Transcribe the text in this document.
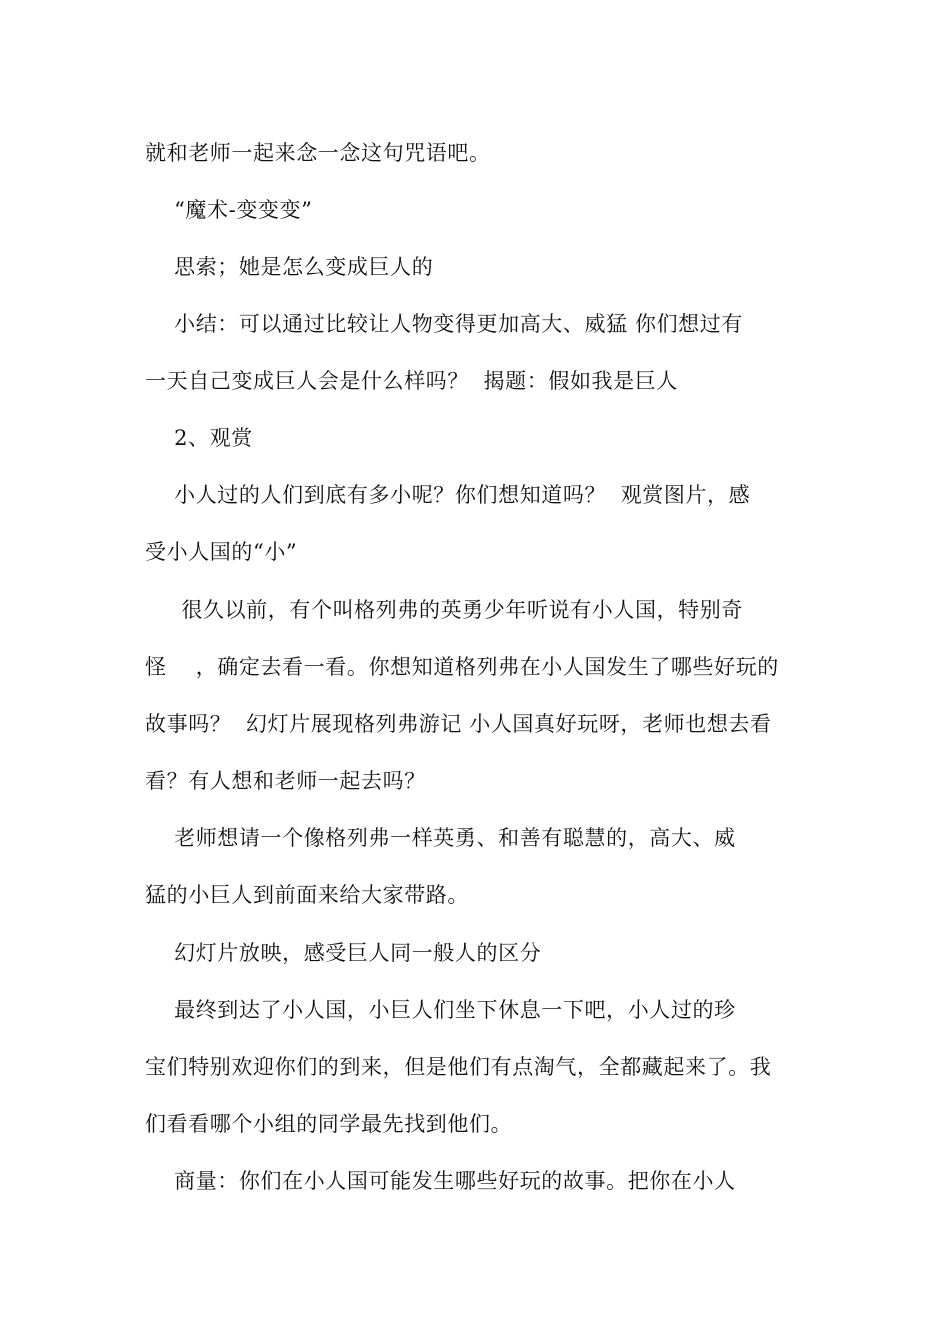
就和老师一起来念一念这句咒语吧。
“魔术-变变变”
思索；她是怎么变成巨人的
小结：可以通过比较让人物变得更加高大、威猛 你们想过有
一天自己变成巨人会是什么样吗？  揭题：假如我是巨人
2、观赏
小人过的人们到底有多小呢？你们想知道吗？  观赏图片，感
受小人国的“小”
很久以前，有个叫格列弗的英勇少年听说有小人国，特别奇
怪    ，确定去看一看。你想知道格列弗在小人国发生了哪些好玩的
故事吗？  幻灯片展现格列弗游记 小人国真好玩呀，老师也想去看
看？有人想和老师一起去吗？
老师想请一个像格列弗一样英勇、和善有聪慧的，高大、威
猛的小巨人到前面来给大家带路。
幻灯片放映，感受巨人同一般人的区分
最终到达了小人国，小巨人们坐下休息一下吧，小人过的珍
宝们特别欢迎你们的到来，但是他们有点淘气，全都藏起来了。我
们看看哪个小组的同学最先找到他们。
商量：你们在小人国可能发生哪些好玩的故事。把你在小人
